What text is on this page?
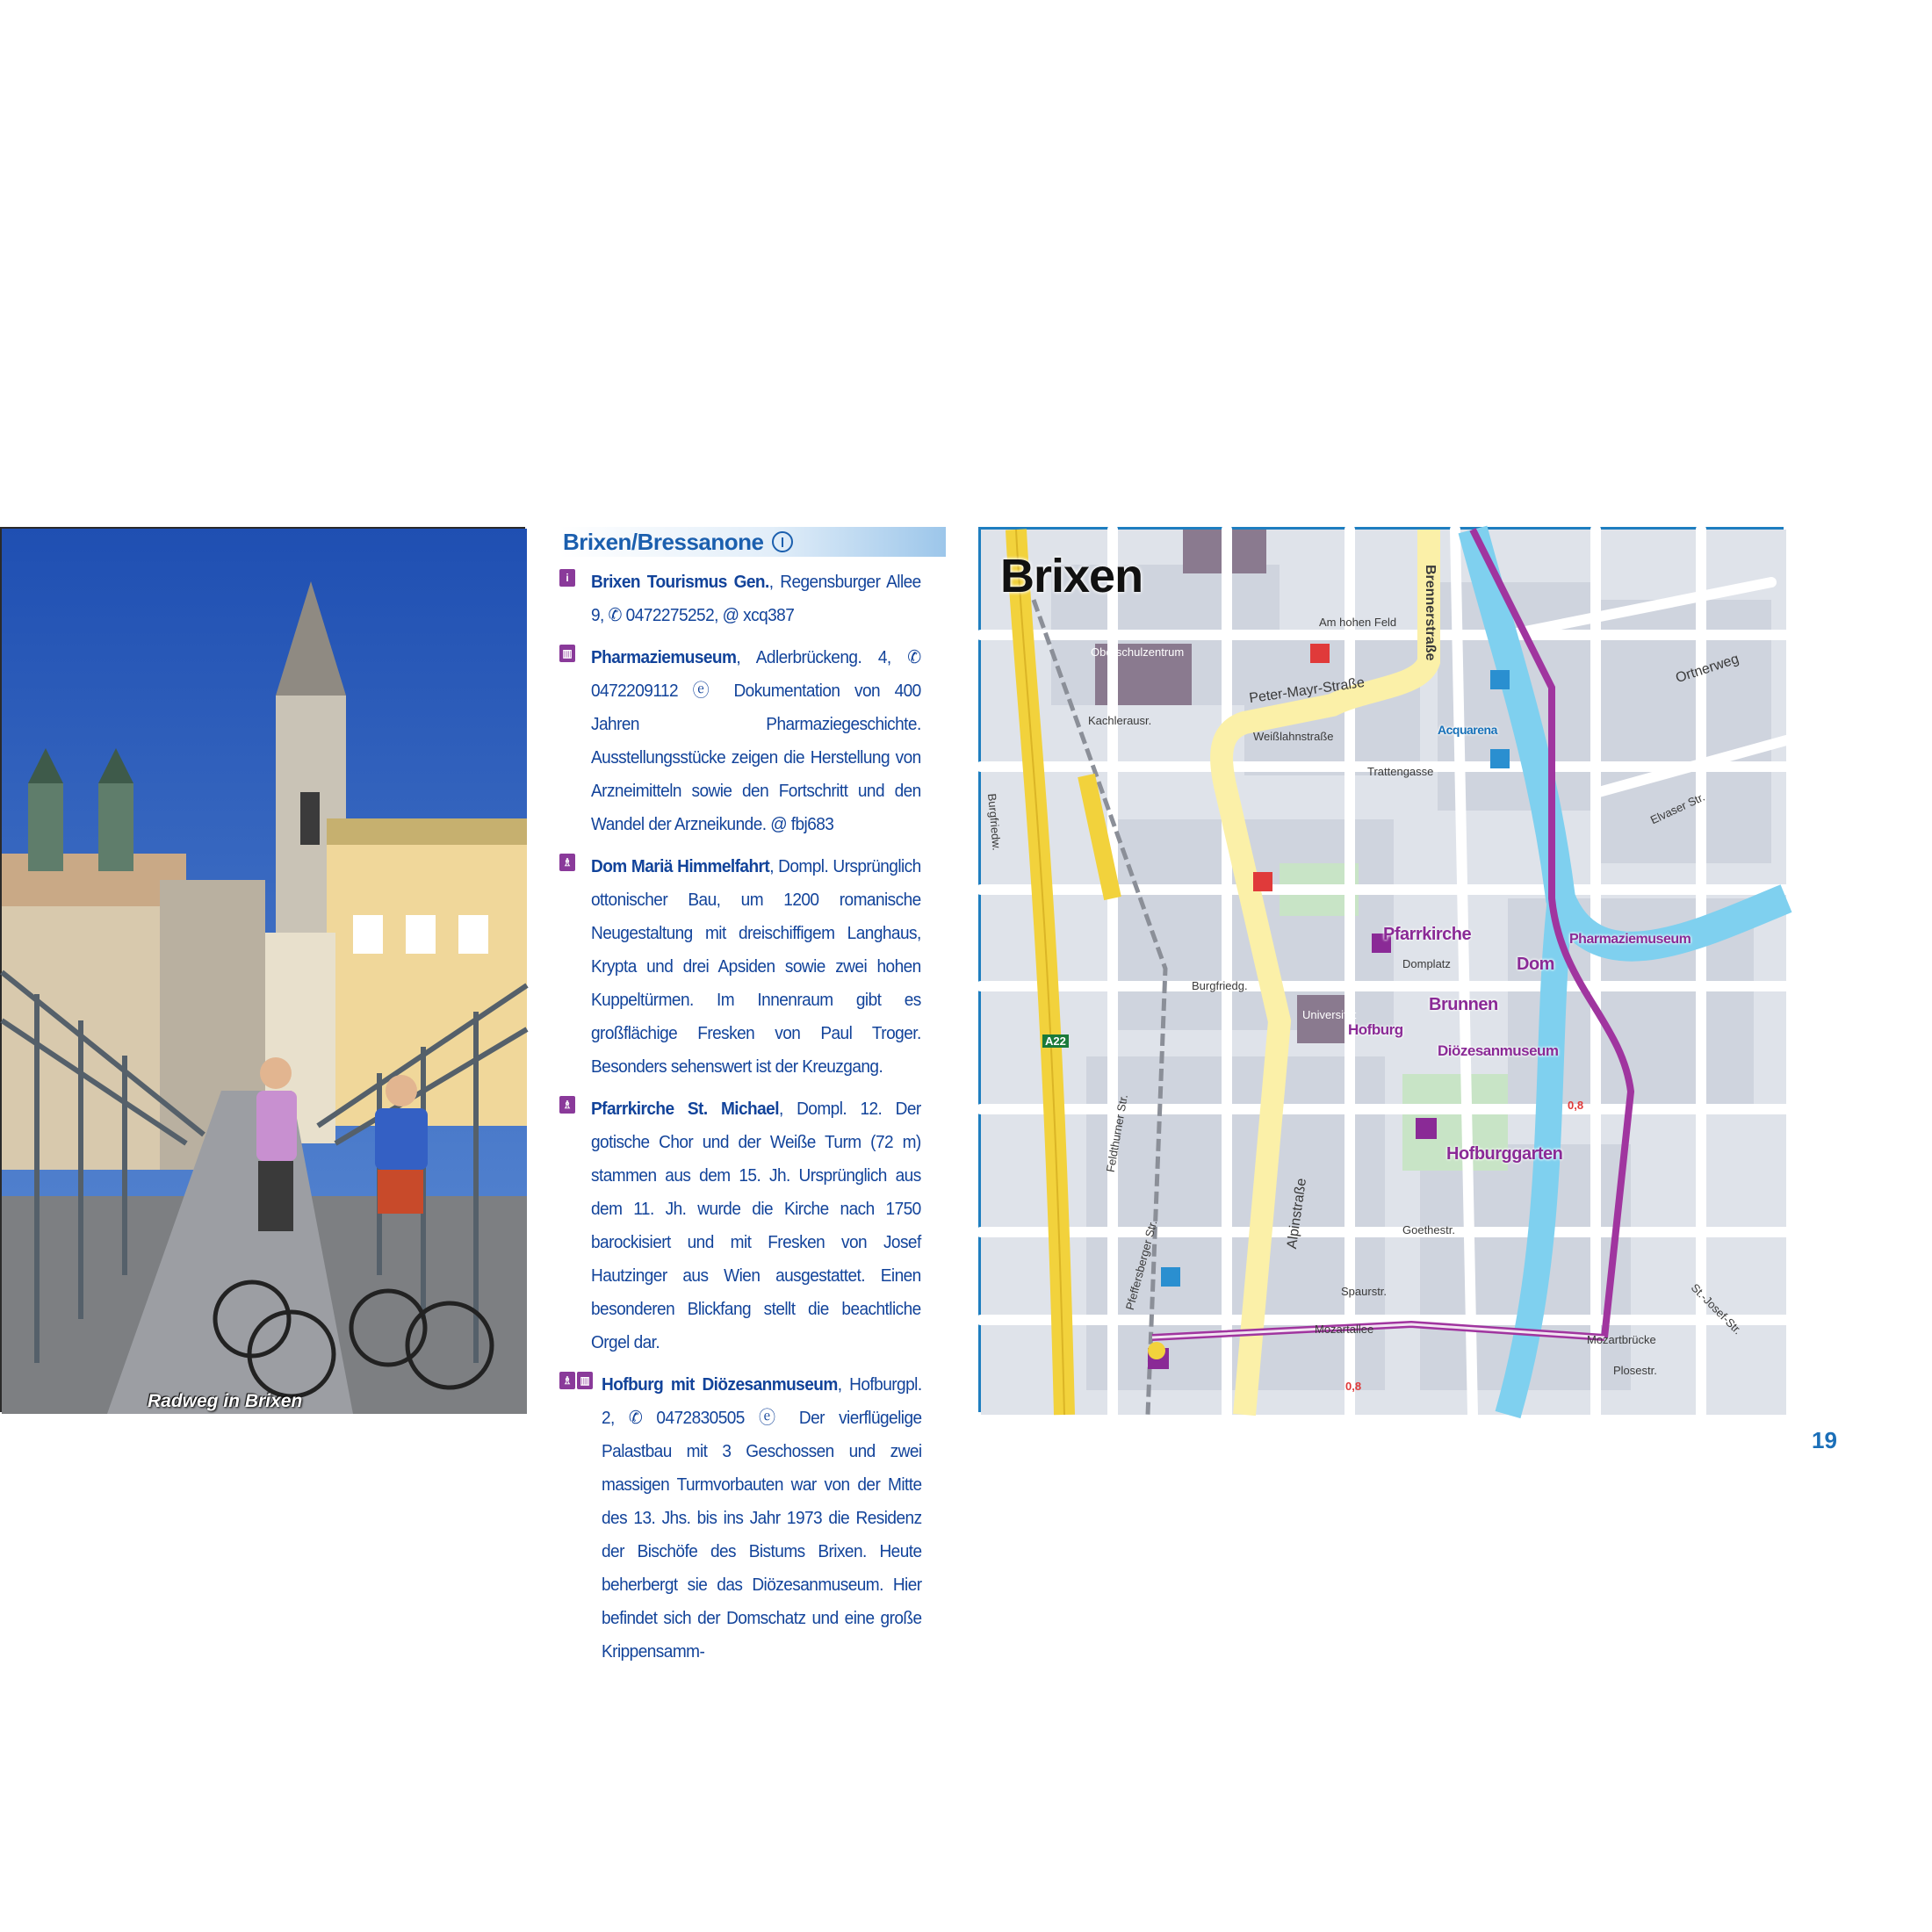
Radweg in Brixen
Brixen/Bressanone
i	Brixen Tourismus Gen., Regensburger Allee 9, ✆ 0472275252, @ xcq387
▥ Pharmaziemuseum, Adlerbrückeng. 4, ✆ 0472209112 ⓔ Dokumentation von 400 Jahren Pharmaziegeschichte. Ausstellungsstücke zeigen die Herstellung von Arzneimitteln sowie den Fortschritt und den Wandel der Arzneikunde. @ fbj683
♗ Dom Mariä Himmelfahrt, Dompl. Ursprünglich ottonischer Bau, um 1200 romanische Neugestaltung mit dreischiffigem Langhaus, Krypta und drei Apsiden sowie zwei hohen Kuppeltürmen. Im Innenraum gibt es großflächige Fresken von Paul Troger. Besonders sehenswert ist der Kreuzgang.
♗ Pfarrkirche St. Michael, Dompl. 12. Der gotische Chor und der Weiße Turm (72 m) stammen aus dem 15. Jh. Ursprünglich aus dem 11. Jh. wurde die Kirche nach 1750 barockisiert und mit Fresken von Josef Hautzinger aus Wien ausgestattet. Einen besonderen Blickfang stellt die beachtliche Orgel dar.
♗ ▥ Hofburg mit Diözesanmuseum, Hofburgpl. 2, ✆ 0472830505 ⓔ Der vierflügelige Palastbau mit 3 Geschossen und zwei massigen Turmvorbauten war von der Mitte des 13. Jhs. bis ins Jahr 1973 die Residenz der Bischöfe des Bistums Brixen. Heute beherbergt sie das Diözesanmuseum. Hier befindet sich der Domschatz und eine große Krippensamm-
Brixen
Pfarrkirche
Dom
Pharmaziemuseum
Brunnen
Hofburg
Diözesanmuseum
Hofburggarten
Acquarena
Brennerstraße
Peter-Mayr-Straße
Alpinstraße
Ortnerweg
Burgfriedw.
Burgfriedg.
Feldthurner Str.
Pfeffersberger Str.
Mozartallee
Mozartbrücke
Goethestr.
Spaurstr.
Plosestr.
St.-Josef-Str.
Elvaser Str.
Weißlahnstraße
Trattengasse
Domplatz
Universität
Oberschulzentrum
Am hohen Feld
Kachlerausr.
A22
0,8
0,8
19
